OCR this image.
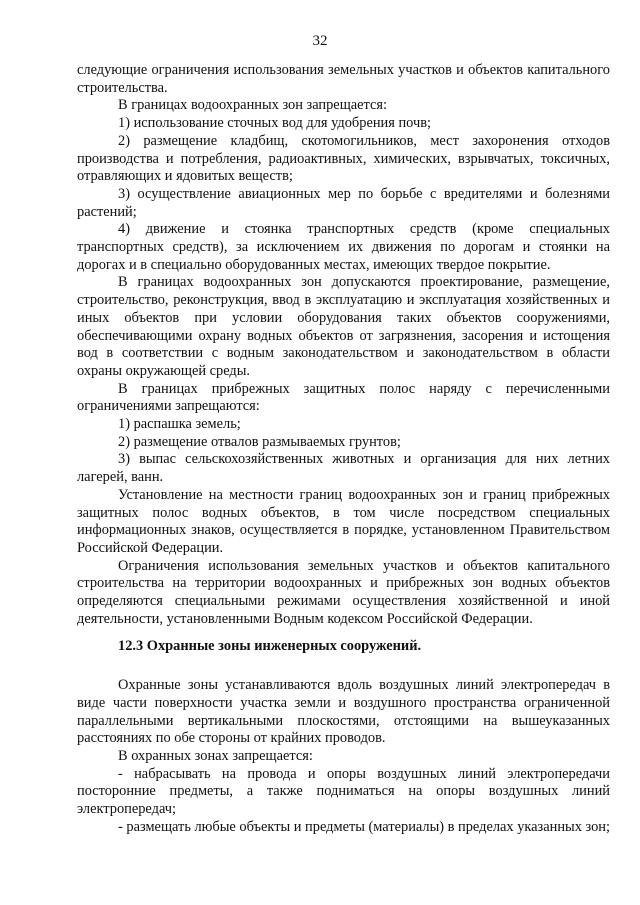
32

следующие ограничения использования земельных участков и объектов капитального строительства.

В границах водоохранных зон запрещается:

1) использование сточных вод для удобрения почв;

2) размещение кладбищ, скотомогильников, мест захоронения отходов производства и потребления, радиоактивных, химических, взрывчатых, токсичных, отравляющих и ядовитых веществ;

3) осуществление авиационных мер по борьбе с вредителями и болезнями растений;

4) движение и стоянка транспортных средств (кроме специальных транспортных средств), за исключением их движения по дорогам и стоянки на дорогах и в специально оборудованных местах, имеющих твердое покрытие.

В границах водоохранных зон допускаются проектирование, размещение, строительство, реконструкция, ввод в эксплуатацию и эксплуатация хозяйственных и иных объектов при условии оборудования таких объектов сооружениями, обеспечивающими охрану водных объектов от загрязнения, засорения и истощения вод в соответствии с водным законодательством и законодательством в области охраны окружающей среды.

В границах прибрежных защитных полос наряду с перечисленными ограничениями запрещаются:

1) распашка земель;

2) размещение отвалов размываемых грунтов;

3) выпас сельскохозяйственных животных и организация для них летних лагерей, ванн.

Установление на местности границ водоохранных зон и границ прибрежных защитных полос водных объектов, в том числе посредством специальных информационных знаков, осуществляется в порядке, установленном Правительством Российской Федерации.

Ограничения использования земельных участков и объектов капитального строительства на территории водоохранных и прибрежных зон водных объектов определяются специальными режимами осуществления хозяйственной и иной деятельности, установленными Водным кодексом Российской Федерации.

12.3 Охранные зоны инженерных сооружений.

Охранные зоны устанавливаются вдоль воздушных линий электропередач в виде части поверхности участка земли и воздушного пространства ограниченной параллельными вертикальными плоскостями, отстоящими на вышеуказанных расстояниях по обе стороны от крайних проводов.

В охранных зонах запрещается:

- набрасывать на провода и опоры воздушных линий электропередачи посторонние предметы, а также подниматься на опоры воздушных линий электропередач;

- размещать любые объекты и предметы (материалы) в пределах указанных зон;
